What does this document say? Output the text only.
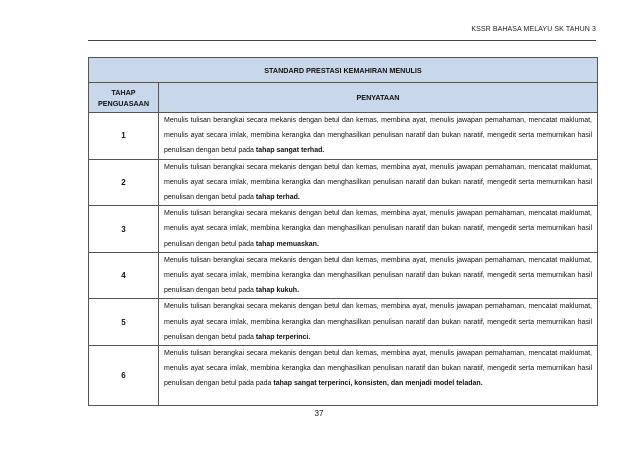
KSSR BAHASA MELAYU SK TAHUN 3
STANDARD PRESTASI KEMAHIRAN MENULIS	
TAHAP
PENGUASAAN	PENYATAAN
1	Menulis tulisan berangkai secara mekanis dengan betul dan kemas, membina ayat, menulis jawapan pemahaman, mencatat maklumat, menulis ayat secara imlak, membina kerangka dan menghasilkan penulisan naratif dan bukan naratif, mengedit serta memurnikan hasil penulisan dengan betul pada tahap sangat terhad.
2	Menulis tulisan berangkai secara mekanis dengan betul dan kemas, membina ayat, menulis jawapan pemahaman, mencatat maklumat, menulis ayat secara imlak, membina kerangka dan menghasilkan penulisan naratif dan bukan naratif, mengedit serta memurnikan hasil penulisan dengan betul pada tahap terhad.
3	Menulis tulisan berangkai secara mekanis dengan betul dan kemas, membina ayat, menulis jawapan pemahaman, mencatat maklumat, menulis ayat secara imlak, membina kerangka dan menghasilkan penulisan naratif dan bukan naratif, mengedit serta memurnikan hasil penulisan dengan betul pada tahap memuaskan.
4	Menulis tulisan berangkai secara mekanis dengan betul dan kemas, membina ayat, menulis jawapan pemahaman, mencatat maklumat, menulis ayat secara imlak, membina kerangka dan menghasilkan penulisan naratif dan bukan naratif, mengedit serta memurnikan hasil penulisan dengan betul pada tahap kukuh.
5	Menulis tulisan berangkai secara mekanis dengan betul dan kemas, membina ayat, menulis jawapan pemahaman, mencatat maklumat, menulis ayat secara imlak, membina kerangka dan menghasilkan penulisan naratif dan bukan naratif, mengedit serta memurnikan hasil penulisan dengan betul pada tahap terperinci.
6	Menulis tulisan berangkai secara mekanis dengan betul dan kemas, membina ayat, menulis jawapan pemahaman, mencatat maklumat, menulis ayat secara imlak, membina kerangka dan menghasilkan penulisan naratif dan bukan naratif, mengedit serta memurnikan hasil penulisan dengan betul pada pada tahap sangat terperinci, konsisten, dan menjadi model teladan.
37
